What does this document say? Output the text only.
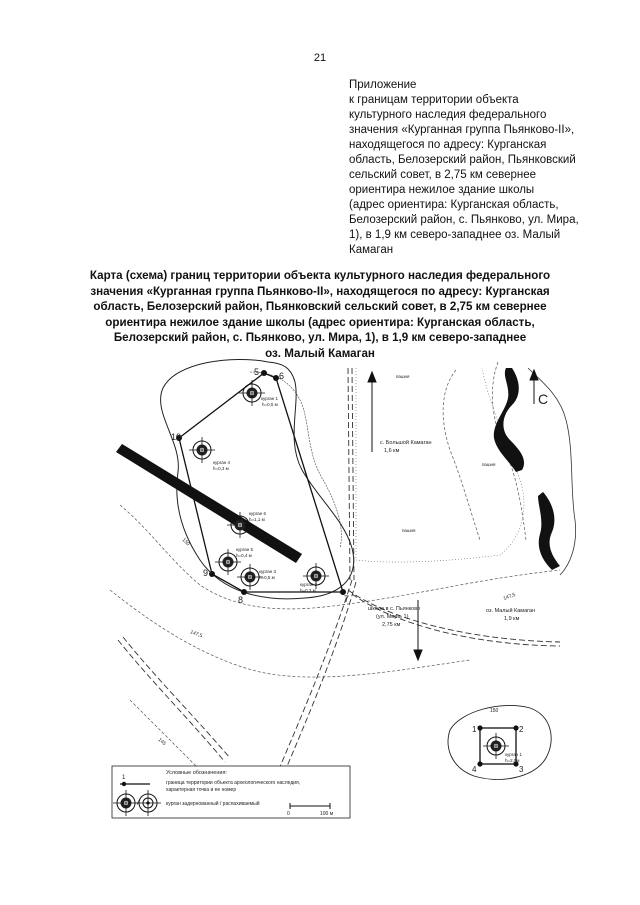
21
Приложение
к границам территории объекта
культурного наследия федерального
значения «Курганная группа Пьянково-II»,
находящегося по адресу: Курганская
область, Белозерский район, Пьянковский
сельский совет, в 2,75 км севернее
ориентира нежилое здание школы
(адрес ориентира: Курганская область,
Белозерский район, с. Пьянково, ул. Мира,
1), в 1,9 км северо-западнее оз. Малый
Камаган
Карта (схема) границ территории объекта культурного наследия федерального
значения «Курганная группа Пьянково-II», находящегося по адресу: Курганская
область, Белозерский район, Пьянковский сельский совет, в 2,75 км севернее
ориентира нежилое здание школы (адрес ориентира: Курганская область,
Белозерский район, с. Пьянково, ул. Мира, 1), в 1,9 км северо-западнее
оз. Малый Камаган
С
5 6
10
9
8	7
курган 1
h=0,5 м
курган 4
h=0,3 м
курган 6
h=1,1 м
курган 5
h=0,4 м
курган 3
h=0,5 м
курган 2
h=0,3 м
с. Большой Камаган
1,6 км
школа в с. Пьянково
(ул. Мира, 1)
2,75 км
оз. Малый Камаган
1,9 км
пашня
пашня
пашня
150
150
147,5
147,5
145
1	2
3
4
курган 1
h=2,5м
Условные обозначения:
1
граница территории объекта археологического наследия,
характерная точка и ее номер
/	курган задернованный / распахиваемый
0	100 м
